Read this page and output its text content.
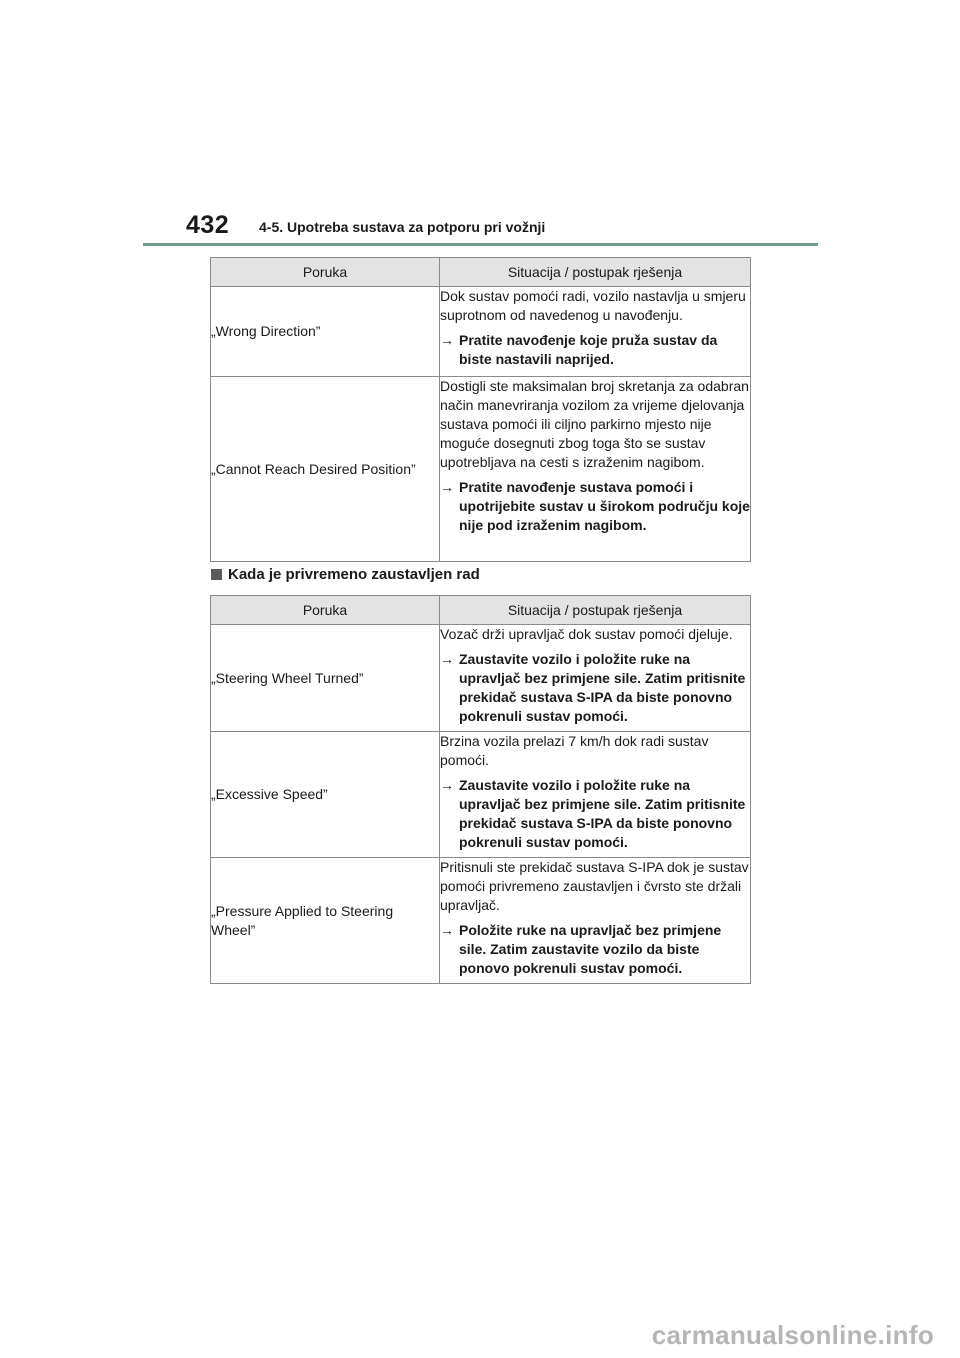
432 4-5. Upotreba sustava za potporu pri vožnji
Poruka	Situacija / postupak rješenja
„Wrong Direction”	Dok sustav pomoći radi, vozilo nastavlja u smjeru suprotnom od navedenog u navođenju.
→ Pratite navođenje koje pruža sustav da biste nastavili naprijed.

„Cannot Reach Desired Position”	Dostigli ste maksimalan broj skretanja za odabran način manevriranja vozilom za vrijeme djelovanja sustava pomoći ili ciljno parkirno mjesto nije moguće dosegnuti zbog toga što se sustav upotrebljava na cesti s izraženim nagibom.
→ Pratite navođenje sustava pomoći i upotrijebite sustav u širokom području koje nije pod izraženim nagibom.
Kada je privremeno zaustavljen rad
Poruka	Situacija / postupak rješenja
„Steering Wheel Turned”	Vozač drži upravljač dok sustav pomoći djeluje.
→ Zaustavite vozilo i položite ruke na upravljač bez primjene sile. Zatim pritisnite prekidač sustava S-IPA da biste ponovno pokrenuli sustav pomoći.

„Excessive Speed”	Brzina vozila prelazi 7 km/h dok radi sustav pomoći.
→ Zaustavite vozilo i položite ruke na upravljač bez primjene sile. Zatim pritisnite prekidač sustava S-IPA da biste ponovno pokrenuli sustav pomoći.

„Pressure Applied to Steering Wheel”	Pritisnuli ste prekidač sustava S-IPA dok je sustav pomoći privremeno zaustavljen i čvrsto ste držali upravljač.
→ Položite ruke na upravljač bez primjene sile. Zatim zaustavite vozilo da biste ponovo pokrenuli sustav pomoći.
carmanualsonline.info
